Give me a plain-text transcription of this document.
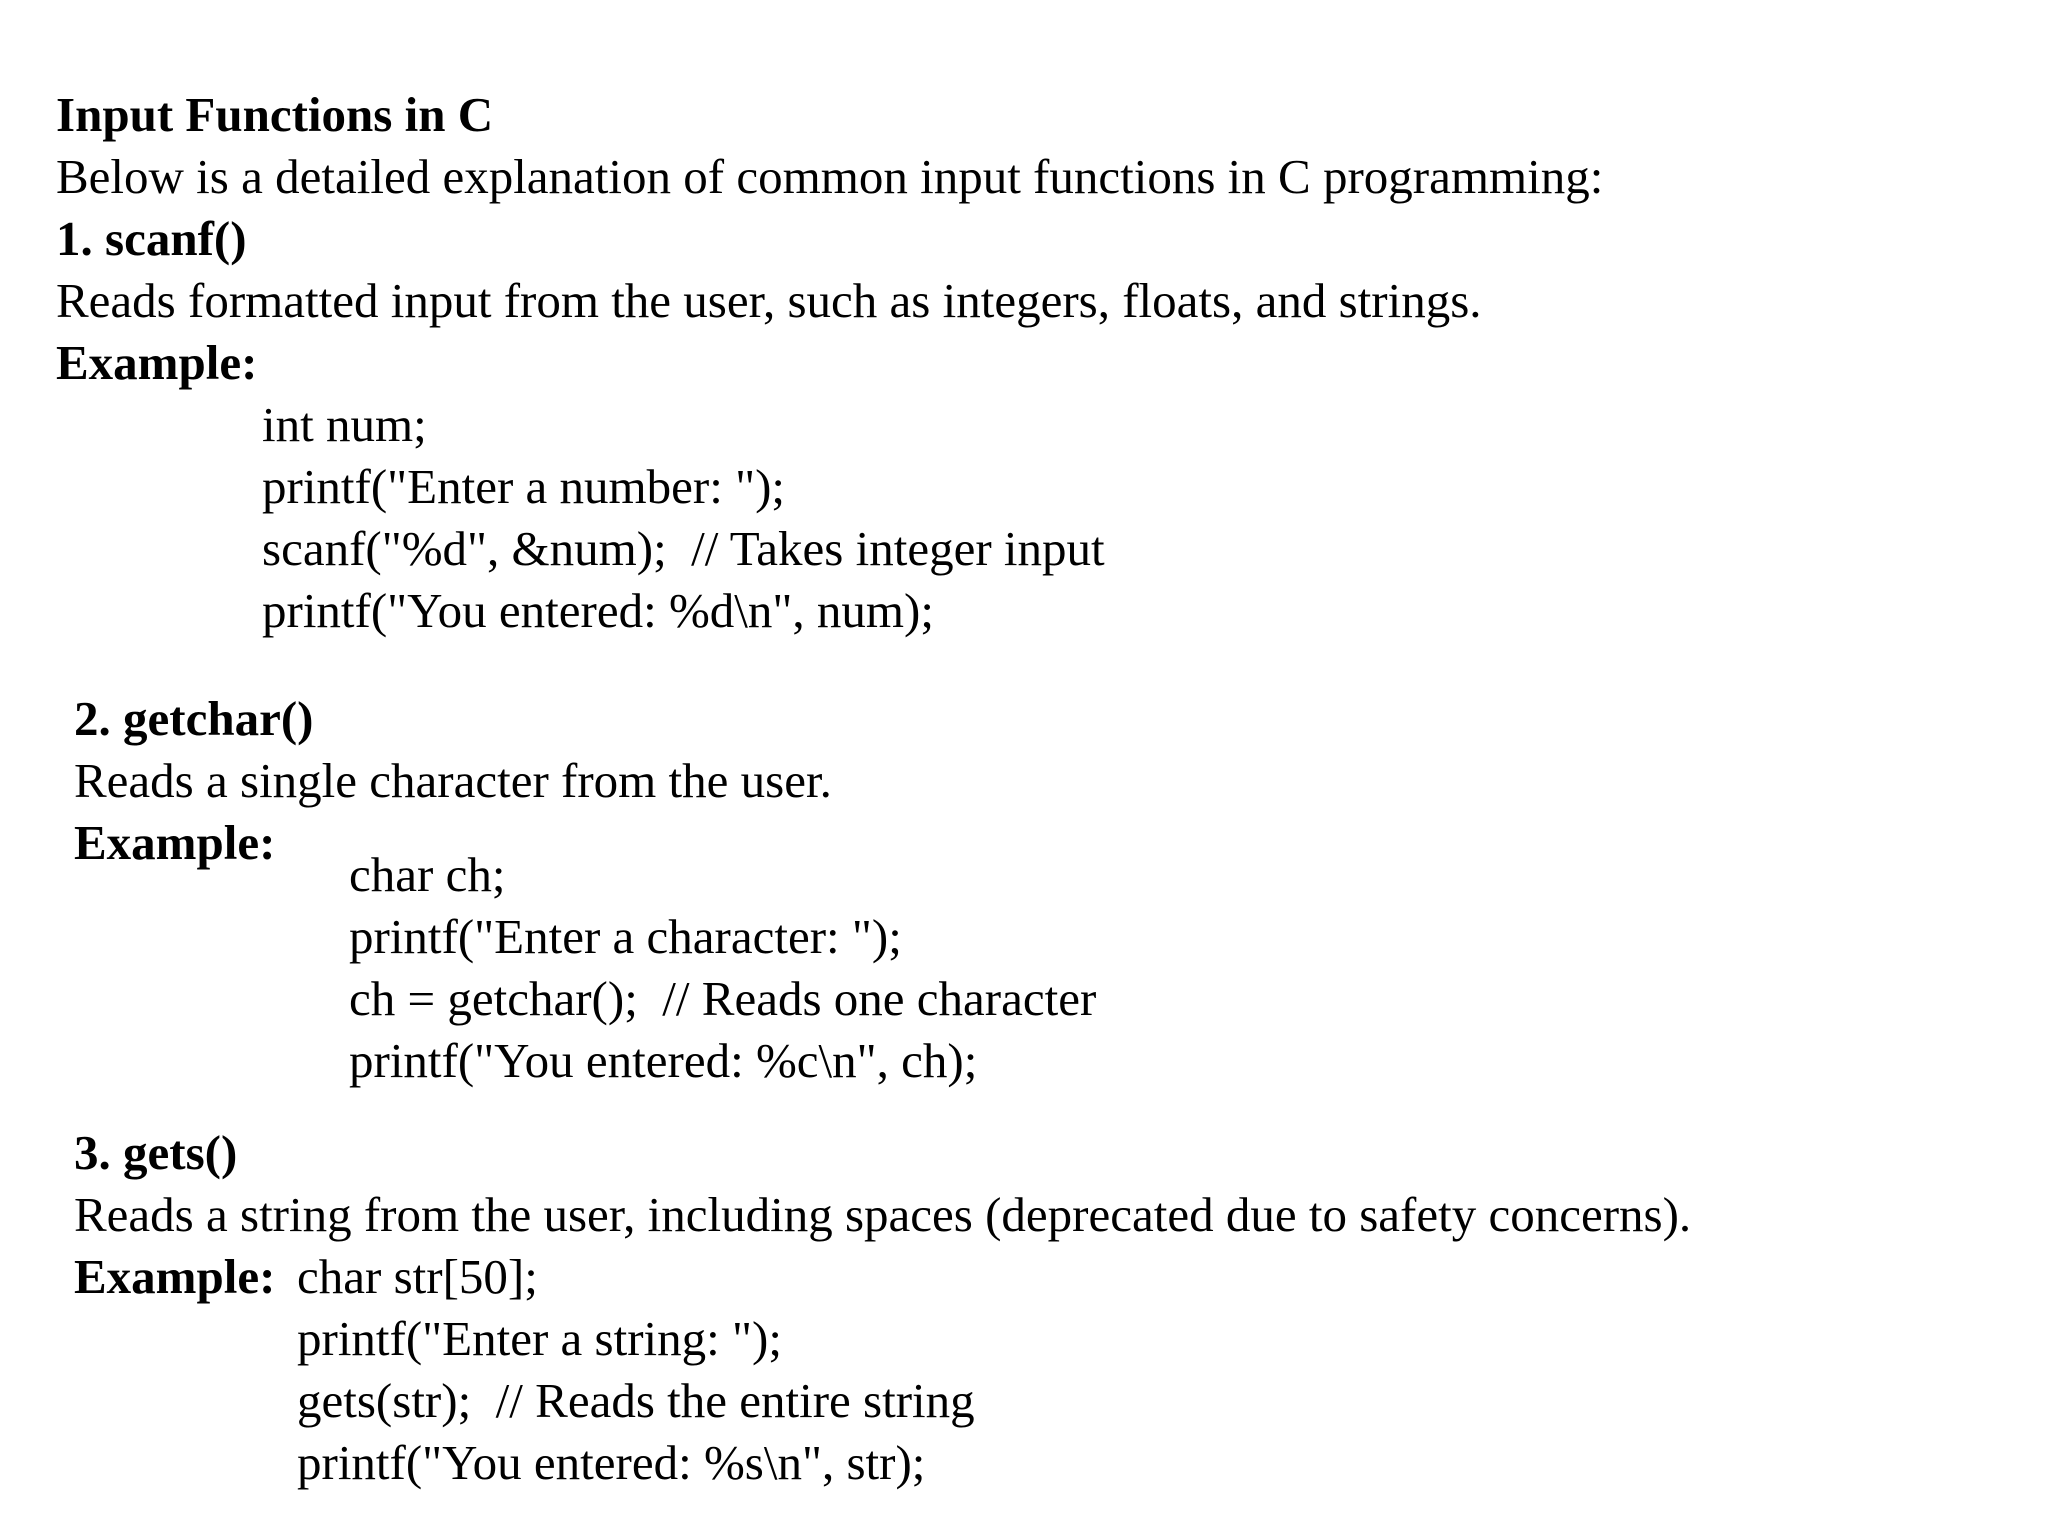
Input Functions in C
Below is a detailed explanation of common input functions in C programming:
1. scanf()
Reads formatted input from the user, such as integers, floats, and strings.
Example:
int num;
printf("Enter a number: ");
scanf("%d", &num);  // Takes integer input
printf("You entered: %d\n", num);
2. getchar()
Reads a single character from the user.
Example:
char ch;
printf("Enter a character: ");
ch = getchar();  // Reads one character
printf("You entered: %c\n", ch);
3. gets()
Reads a string from the user, including spaces (deprecated due to safety concerns).
Example: char str[50];
printf("Enter a string: ");
gets(str);  // Reads the entire string
printf("You entered: %s\n", str);
